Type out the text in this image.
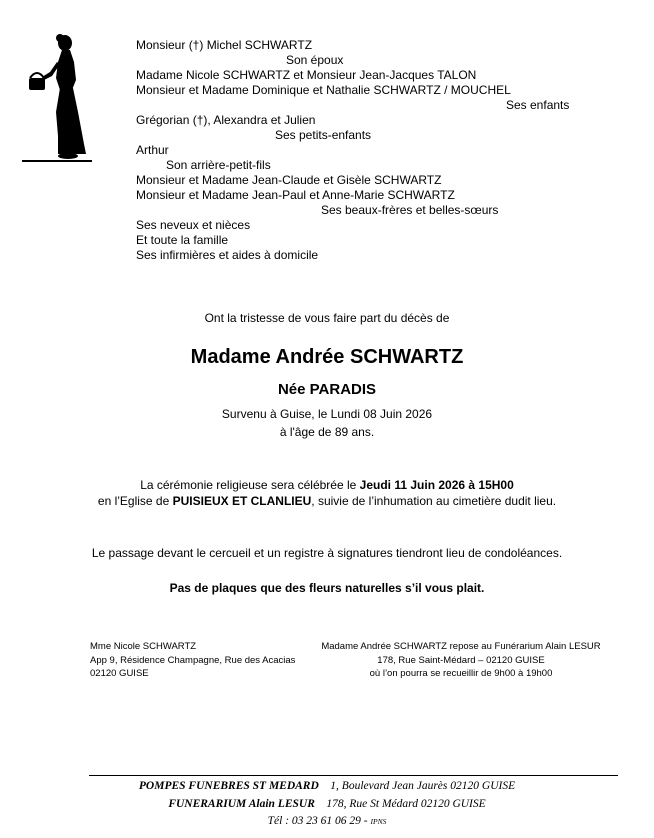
Monsieur (†) Michel SCHWARTZ
Son époux
Madame Nicole SCHWARTZ et Monsieur Jean-Jacques TALON
Monsieur et Madame Dominique et Nathalie SCHWARTZ / MOUCHEL
Ses enfants
Grégorian (†), Alexandra et Julien
Ses petits-enfants
Arthur
Son arrière-petit-fils
Monsieur et Madame Jean-Claude et Gisèle SCHWARTZ
Monsieur et Madame Jean-Paul et Anne-Marie SCHWARTZ
Ses beaux-frères et belles-sœurs
Ses neveux et nièces
Et toute la famille
Ses infirmières et aides à domicile
Ont la tristesse de vous faire part du décès de
Madame Andrée SCHWARTZ
Née PARADIS
Survenu à Guise, le Lundi 08 Juin 2026
à l'âge de 89 ans.
La cérémonie religieuse sera célébrée le Jeudi 11 Juin 2026 à 15H00
en l’Eglise de PUISIEUX ET CLANLIEU, suivie de l’inhumation au cimetière dudit lieu.
Le passage devant le cercueil et un registre à signatures tiendront lieu de condoléances.
Pas de plaques que des fleurs naturelles s’il vous plait.
Mme Nicole SCHWARTZ
App 9, Résidence Champagne, Rue des Acacias
02120 GUISE
Madame Andrée SCHWARTZ repose au Funérarium Alain LESUR
178, Rue Saint-Médard – 02120 GUISE
où l’on pourra se recueillir de 9h00 à 19h00
POMPES FUNEBRES ST MEDARD 1, Boulevard Jean Jaurès 02120 GUISE
FUNERARIUM Alain LESUR 178, Rue St Médard 02120 GUISE
Tél : 03 23 61 06 29 - IPNS
